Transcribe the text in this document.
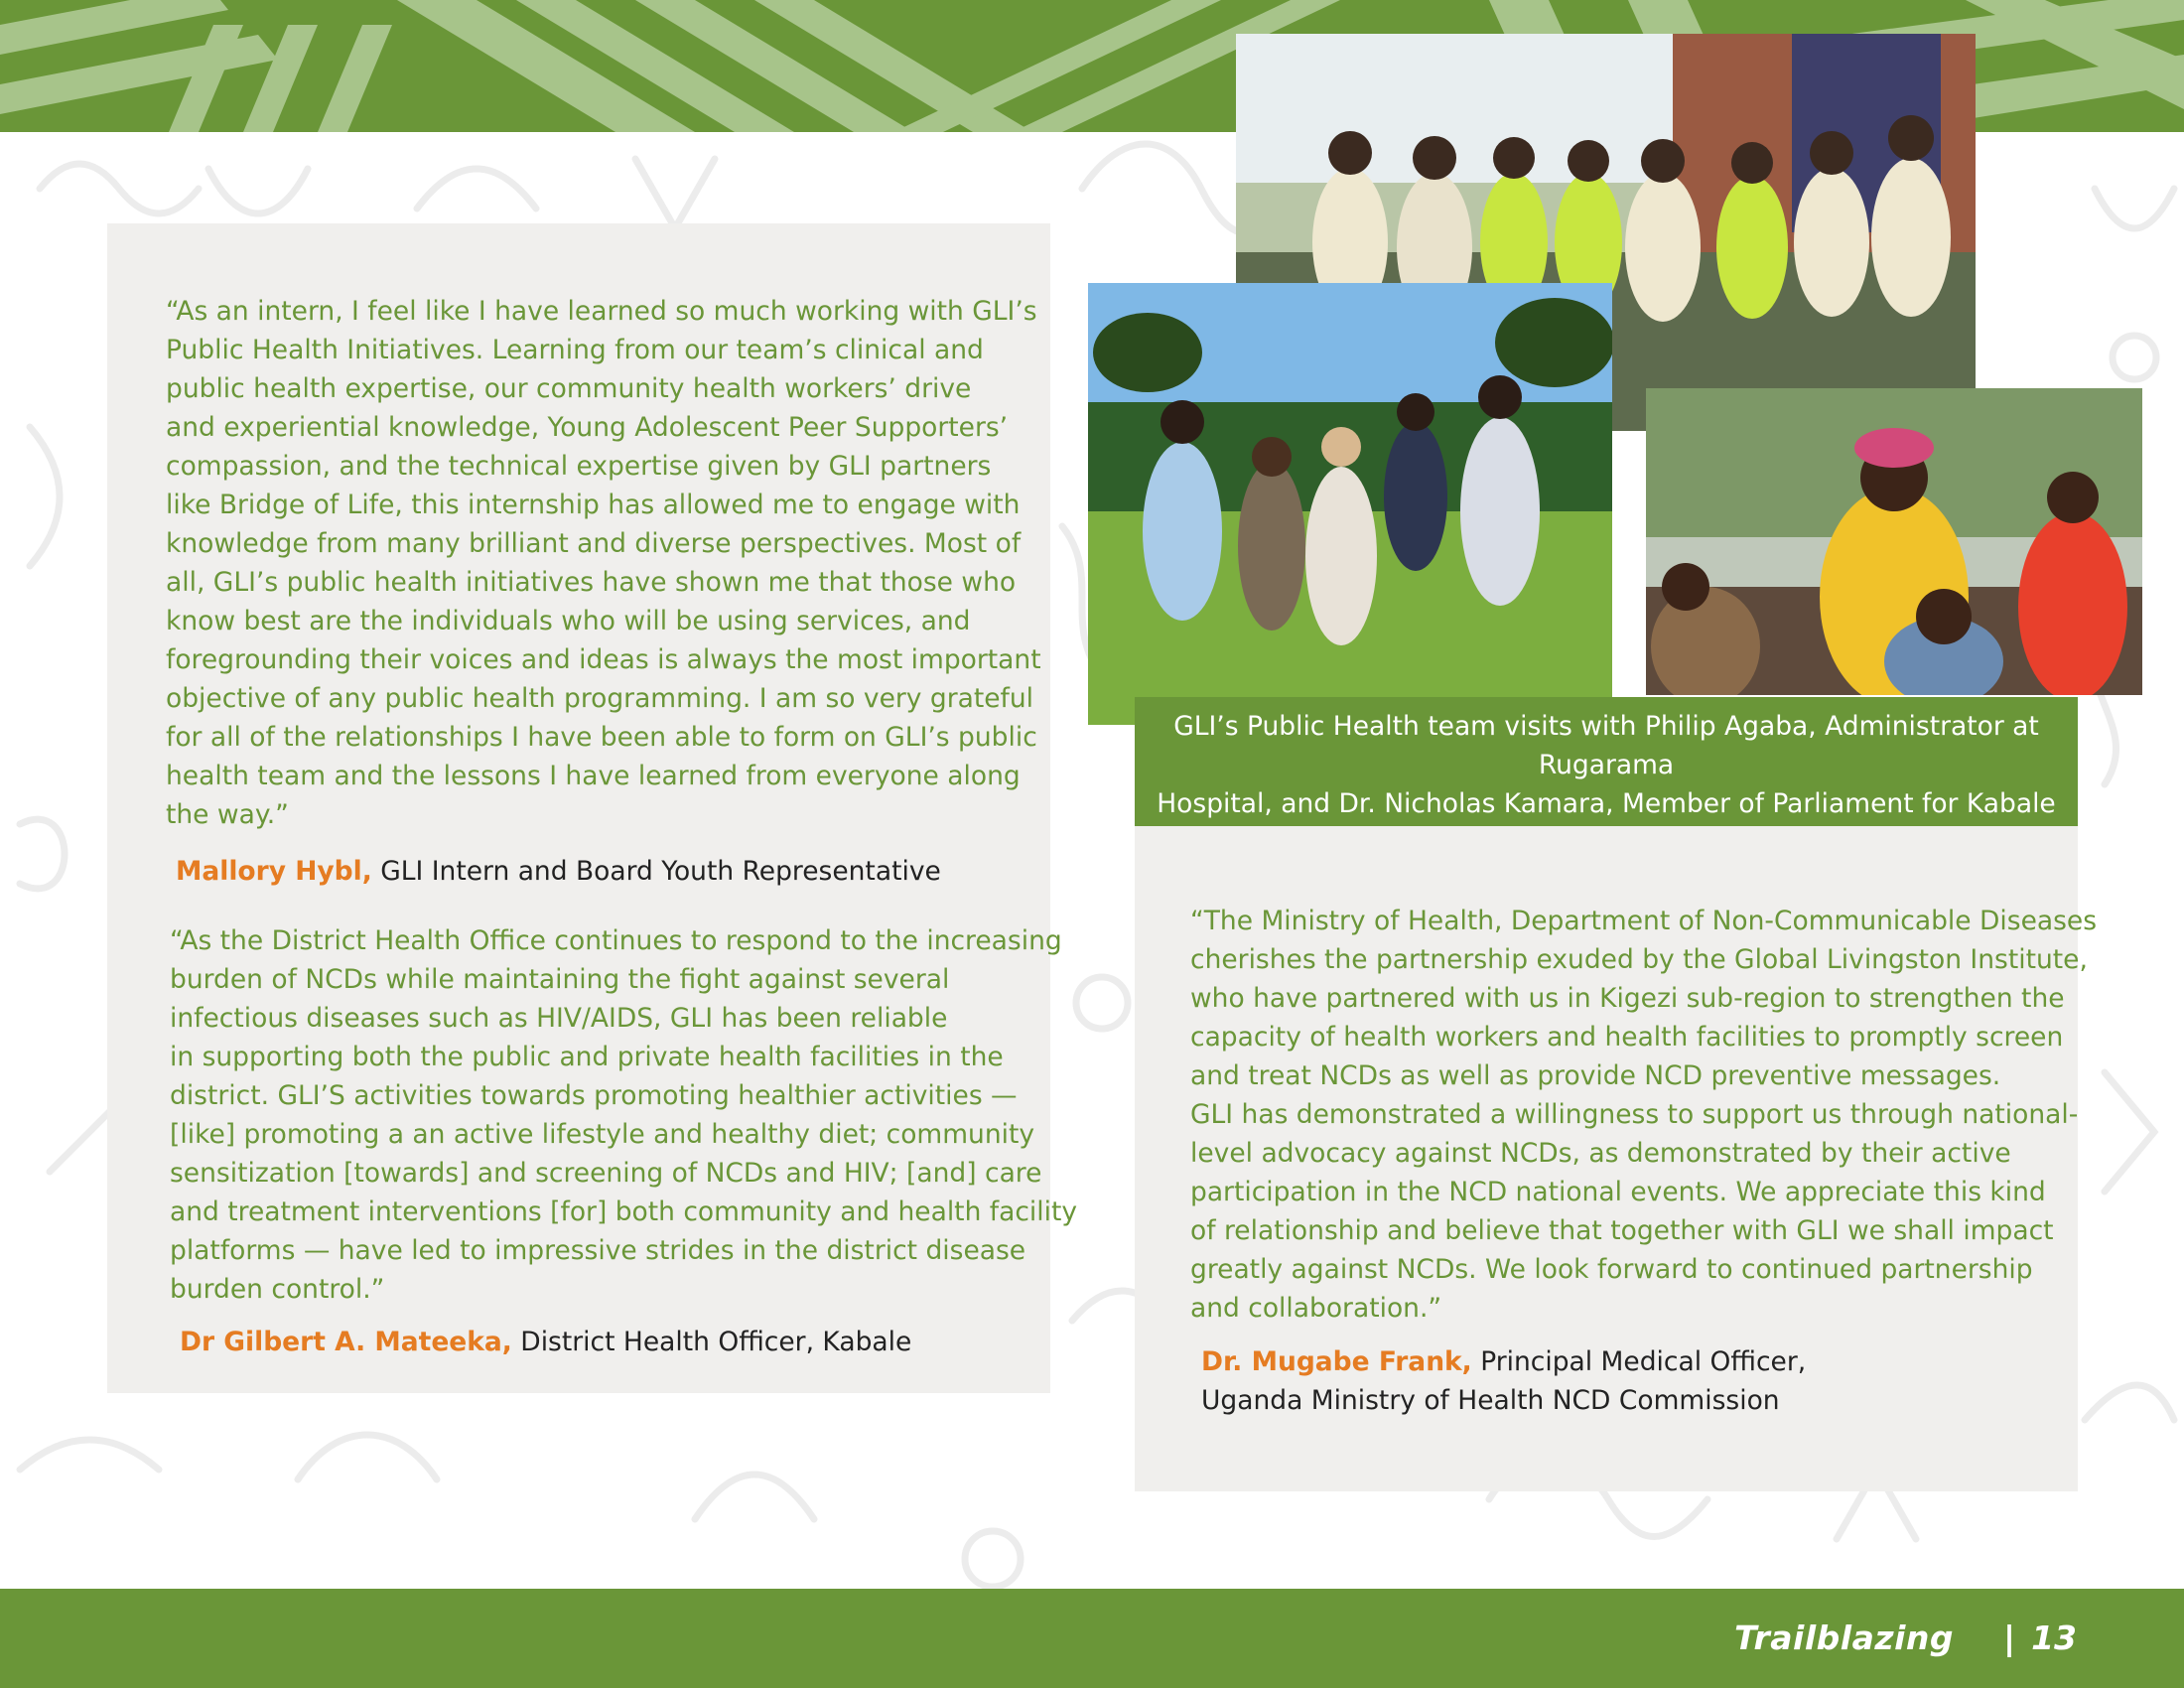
“As an intern, I feel like I have learned so much working with GLI’s
Public Health Initiatives. Learning from our team’s clinical and
public health expertise, our community health workers’ drive
and experiential knowledge, Young Adolescent Peer Supporters’
compassion, and the technical expertise given by GLI partners
like Bridge of Life, this internship has allowed me to engage with
knowledge from many brilliant and diverse perspectives. Most of
all, GLI’s public health initiatives have shown me that those who
know best are the individuals who will be using services, and
foregrounding their voices and ideas is always the most important
objective of any public health programming. I am so very grateful
for all of the relationships I have been able to form on GLI’s public
health team and the lessons I have learned from everyone along
the way.”

Mallory Hybl, GLI Intern and Board Youth Representative

“As the District Health Office continues to respond to the increasing
burden of NCDs while maintaining the fight against several
infectious diseases such as HIV/AIDS, GLI has been reliable
in supporting both the public and private health facilities in the
district. GLI’S activities towards promoting healthier activities —
[like] promoting a an active lifestyle and healthy diet; community
sensitization [towards] and screening of NCDs and HIV; [and] care
and treatment interventions [for] both community and health facility
platforms — have led to impressive strides in the district disease
burden control.”

Dr Gilbert A. Mateeka, District Health Officer, Kabale
GLI’s Public Health team visits with Philip Agaba, Administrator at Rugarama
Hospital, and Dr. Nicholas Kamara, Member of Parliament for Kabale

“The Ministry of Health, Department of Non-Communicable Diseases
cherishes the partnership exuded by the Global Livingston Institute,
who have partnered with us in Kigezi sub-region to strengthen the
capacity of health workers and health facilities to promptly screen
and treat NCDs as well as provide NCD preventive messages.
GLI has demonstrated a willingness to support us through national-
level advocacy against NCDs, as demonstrated by their active
participation in the NCD national events. We appreciate this kind
of relationship and believe that together with GLI we shall impact
greatly against NCDs. We look forward to continued partnership
and collaboration.”

Dr. Mugabe Frank, Principal Medical Officer,
Uganda Ministry of Health NCD Commission
Trailblazing | 13
